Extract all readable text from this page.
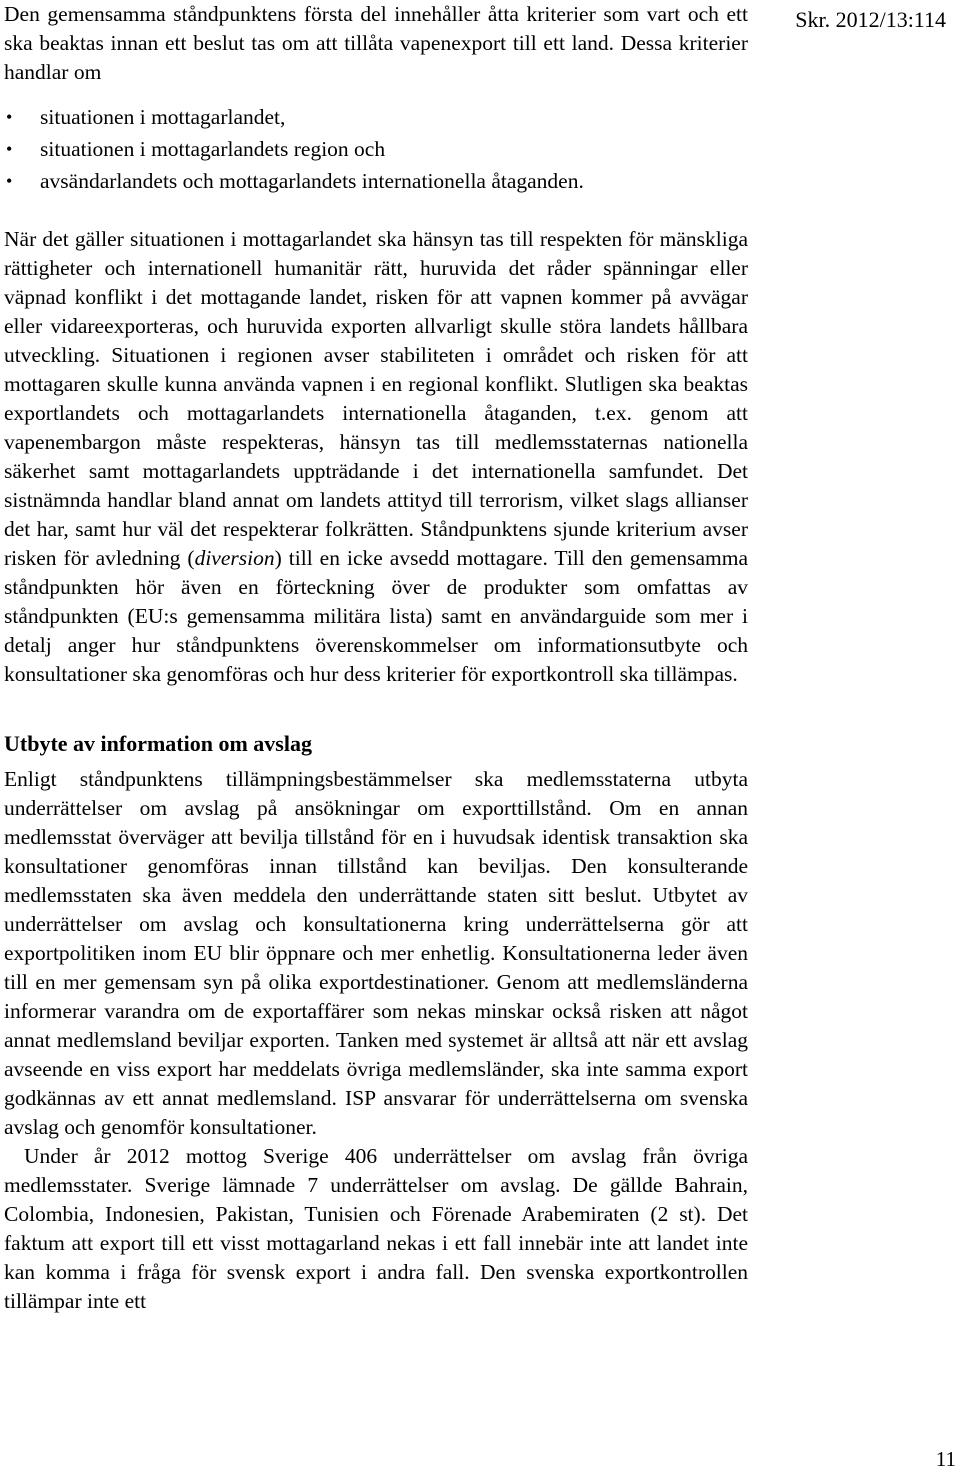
Skr. 2012/13:114

Den gemensamma ståndpunktens första del innehåller åtta kriterier som vart och ett ska beaktas innan ett beslut tas om att tillåta vapenexport till ett land. Dessa kriterier handlar om

• situationen i mottagarlandet,
• situationen i mottagarlandets region och
• avsändarlandets och mottagarlandets internationella åtaganden.

När det gäller situationen i mottagarlandet ska hänsyn tas till respekten för mänskliga rättigheter och internationell humanitär rätt, huruvida det råder spänningar eller väpnad konflikt i det mottagande landet, risken för att vapnen kommer på avvägar eller vidareexporteras, och huruvida exporten allvarligt skulle störa landets hållbara utveckling. Situationen i regionen avser stabiliteten i området och risken för att mottagaren skulle kunna använda vapnen i en regional konflikt. Slutligen ska beaktas exportlandets och mottagarlandets internationella åtaganden, t.ex. genom att vapenembargon måste respekteras, hänsyn tas till medlemsstaternas nationella säkerhet samt mottagarlandets uppträdande i det internationella samfundet. Det sistnämnda handlar bland annat om landets attityd till terrorism, vilket slags allianser det har, samt hur väl det respekterar folkrätten. Ståndpunktens sjunde kriterium avser risken för avledning (diversion) till en icke avsedd mottagare. Till den gemensamma ståndpunkten hör även en förteckning över de produkter som omfattas av ståndpunkten (EU:s gemensamma militära lista) samt en användarguide som mer i detalj anger hur ståndpunktens överenskommelser om informationsutbyte och konsultationer ska genomföras och hur dess kriterier för exportkontroll ska tillämpas.

Utbyte av information om avslag

Enligt ståndpunktens tillämpningsbestämmelser ska medlemsstaterna utbyta underrättelser om avslag på ansökningar om exporttillstånd. Om en annan medlemsstat överväger att bevilja tillstånd för en i huvudsak identisk transaktion ska konsultationer genomföras innan tillstånd kan beviljas. Den konsulterande medlemsstaten ska även meddela den underrättande staten sitt beslut. Utbytet av underrättelser om avslag och konsultationerna kring underrättelserna gör att exportpolitiken inom EU blir öppnare och mer enhetlig. Konsultationerna leder även till en mer gemensam syn på olika exportdestinationer. Genom att medlemsländerna informerar varandra om de exportaffärer som nekas minskar också risken att något annat medlemsland beviljar exporten. Tanken med systemet är alltså att när ett avslag avseende en viss export har meddelats övriga medlemsländer, ska inte samma export godkännas av ett annat medlemsland. ISP ansvarar för underrättelserna om svenska avslag och genomför konsultationer.

Under år 2012 mottog Sverige 406 underrättelser om avslag från övriga medlemsstater. Sverige lämnade 7 underrättelser om avslag. De gällde Bahrain, Colombia, Indonesien, Pakistan, Tunisien och Förenade Arabemiraten (2 st). Det faktum att export till ett visst mottagarland nekas i ett fall innebär inte att landet inte kan komma i fråga för svensk export i andra fall. Den svenska exportkontrollen tillämpar inte ett

11
